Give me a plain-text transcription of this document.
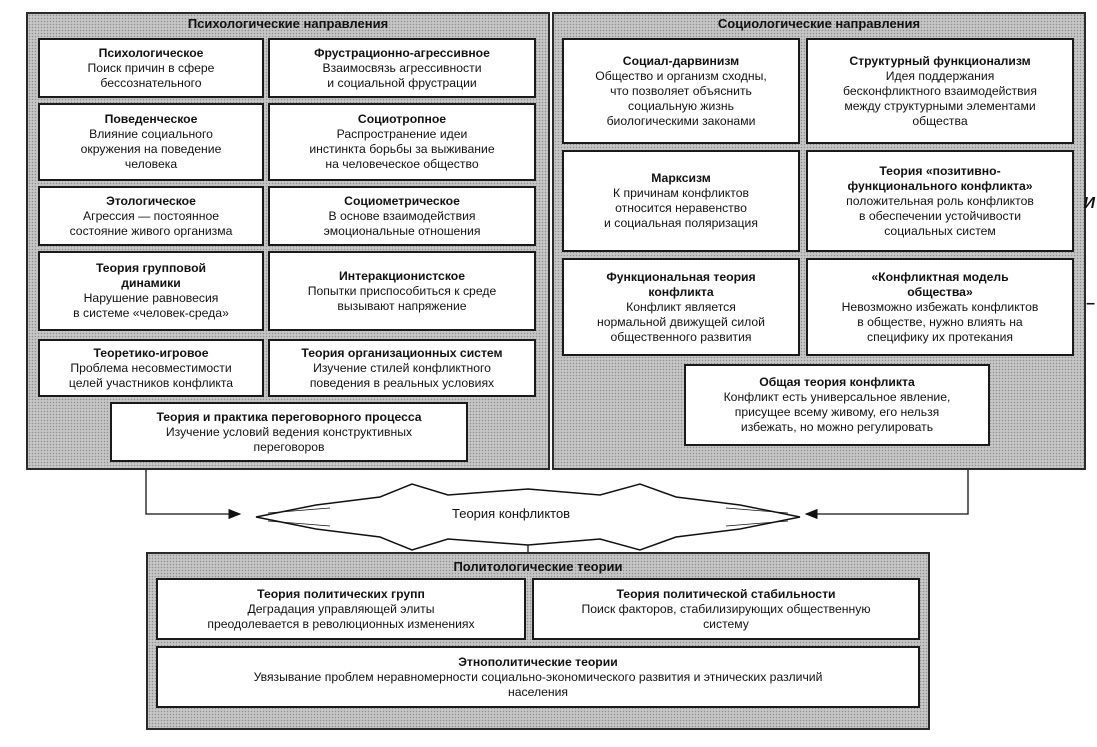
Теория конфликтов
Психологические направления
Психологическое
Поиск причин в сфере
бессознательного
Фрустрационно-агрессивное
Взаимосвязь агрессивности
и социальной фрустрации
Поведенческое
Влияние социального
окружения на поведение
человека
Социотропное
Распространение идеи
инстинкта борьбы за выживание
на человеческое общество
Этологическое
Агрессия — постоянное
состояние живого организма
Социометрическое
В основе взаимодействия
эмоциональные отношения
Теория групповой
динамики
Нарушение равновесия
в системе «человек-среда»
Интеракционистское
Попытки приспособиться к среде
вызывают напряжение
Теоретико-игровое
Проблема несовместимости
целей участников конфликта
Теория организационных систем
Изучение стилей конфликтного
поведения в реальных условиях
Теория и практика переговорного процесса
Изучение условий ведения конструктивных
переговоров
Социологические направления
Социал-дарвинизм
Общество и организм сходны,
что позволяет объяснить
социальную жизнь
биологическими законами
Структурный функционализм
Идея поддержания
бесконфликтного взаимодействия
между структурными элементами
общества
Марксизм
К причинам конфликтов
относится неравенство
и социальная поляризация
Теория «позитивно-
функционального конфликта»
положительная роль конфликтов
в обеспечении устойчивости
социальных систем
Функциональная теория
конфликта
Конфликт является
нормальной движущей силой
общественного развития
«Конфликтная модель
общества»
Невозможно избежать конфликтов
в обществе, нужно влиять на
специфику их протекания
Общая теория конфликта
Конфликт есть универсальное явление,
присущее всему живому, его нельзя
избежать, но можно регулировать
Политологические теории
Теория политических групп
Деградация управляющей элиты
преодолевается в революционных изменениях
Теория политической стабильности
Поиск факторов, стабилизирующих общественную
систему
Этнополитические теории
Увязывание проблем неравномерности социально-экономического развития и этнических различий
населения
И
–
